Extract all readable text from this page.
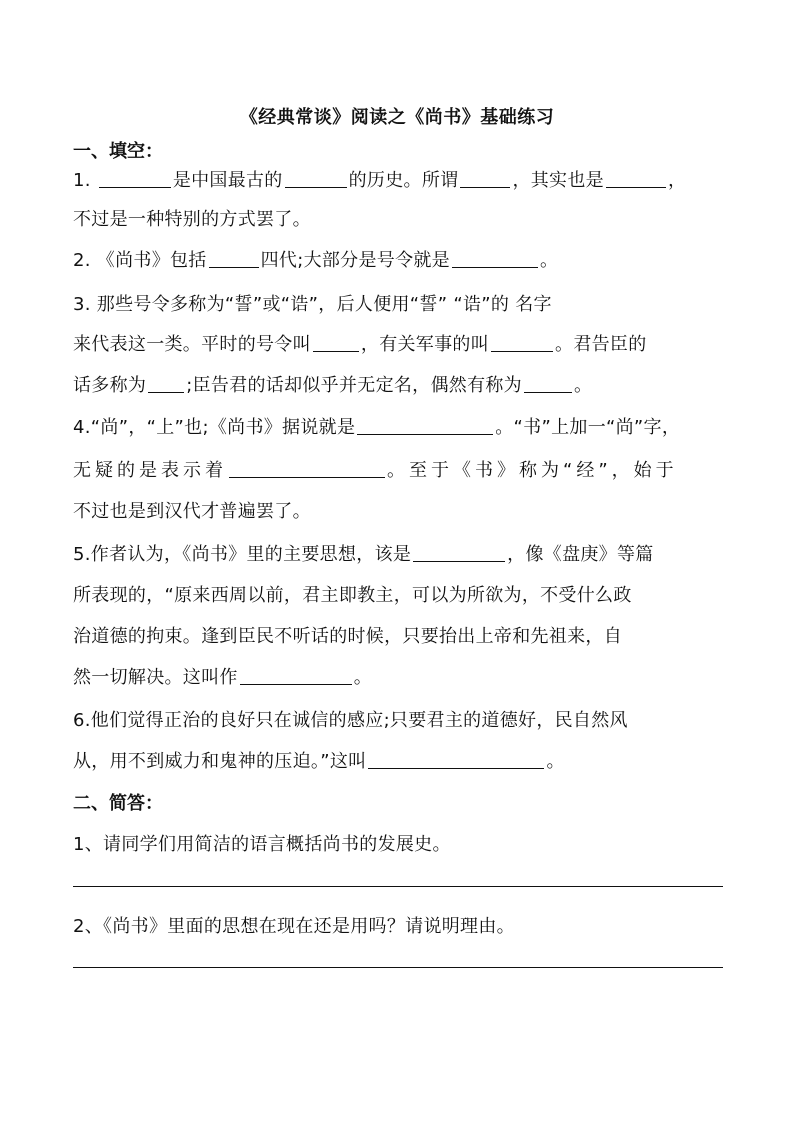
《经典常谈》阅读之《尚书》基础练习
一、填空：
1.	是中国最古的	的历史。所谓	，其实也是	，
不过是一种特别的方式罢了。
2. 《尚书》包括	四代;大部分是号令就是	。
3. 那些号令多称为“誓”或“诰”，后人便用“誓” “诰”的 名字
来代表这一类。平时的号令叫	，有关军事的叫	。君告臣的
话多称为 ;臣告君的话却似乎并无定名，偶然有称为	。
4.“尚”，“上”也;《尚书》据说就是	。“书”上加一“尚”字，
无疑的是表示着	。至于《书》称为“经”，始于
不过也是到汉代才普遍罢了。
5.作者认为，《尚书》里的主要思想，该是	，像《盘庚》等篇
所表现的，“原来西周以前，君主即教主，可以为所欲为，不受什么政
治道德的拘束。逢到臣民不听话的时候，只要抬出上帝和先祖来，自
然一切解决。这叫作	。
6.他们觉得正治的良好只在诚信的感应;只要君主的道德好，民自然风
从，用不到威力和鬼神的压迫。”这叫	。
二、简答：
1、请同学们用简洁的语言概括尚书的发展史。
2、《尚书》里面的思想在现在还是用吗？请说明理由。
